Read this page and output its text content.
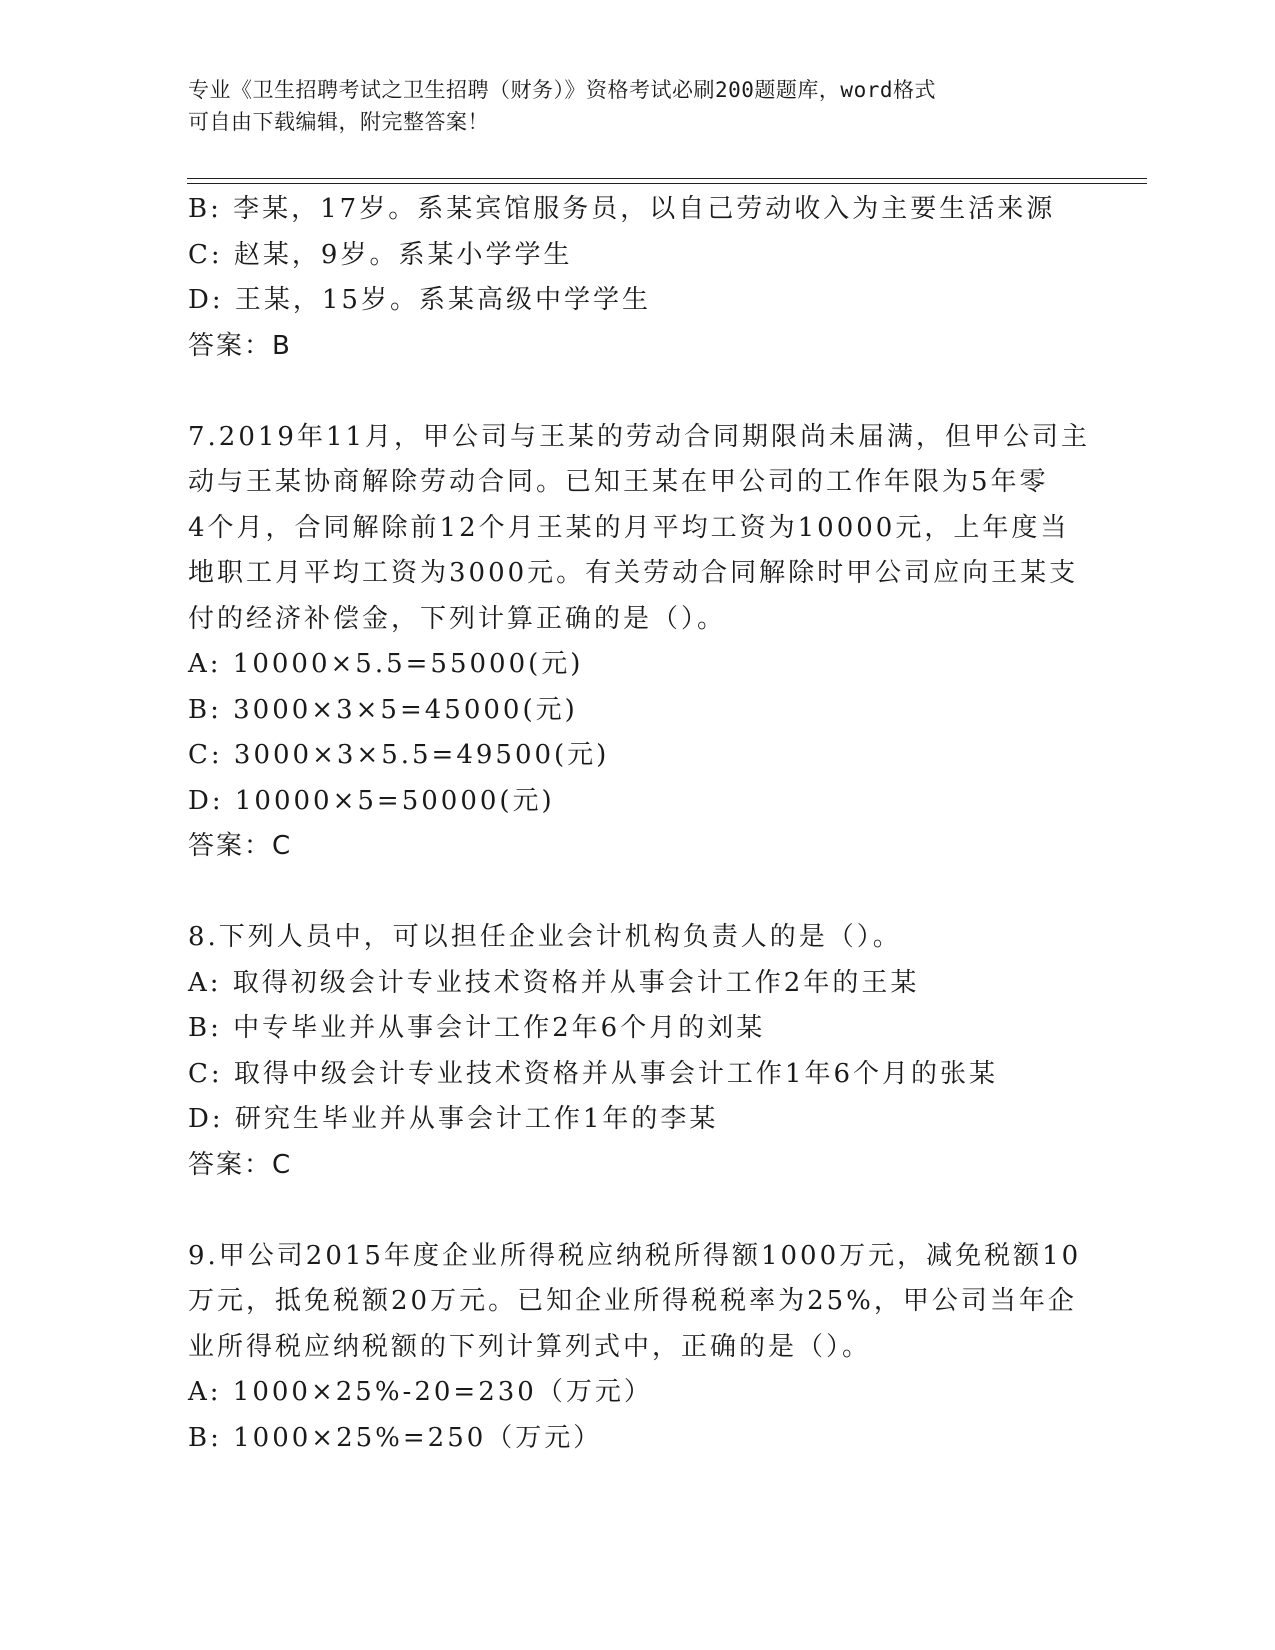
专业《卫生招聘考试之卫生招聘（财务）》资格考试必刷200题题库，word格式
可自由下载编辑，附完整答案！
B: 李某，17岁。系某宾馆服务员，以自己劳动收入为主要生活来源
C: 赵某，9岁。系某小学学生
D: 王某，15岁。系某高级中学学生
答案：B
7.2019年11月，甲公司与王某的劳动合同期限尚未届满，但甲公司主
动与王某协商解除劳动合同。已知王某在甲公司的工作年限为5年零
4个月，合同解除前12个月王某的月平均工资为10000元，上年度当
地职工月平均工资为3000元。有关劳动合同解除时甲公司应向王某支
付的经济补偿金，下列计算正确的是（）。
A: 10000×5.5=55000(元)
B: 3000×3×5=45000(元)
C: 3000×3×5.5=49500(元)
D: 10000×5=50000(元)
答案：C
8.下列人员中，可以担任企业会计机构负责人的是（）。
A: 取得初级会计专业技术资格并从事会计工作2年的王某
B: 中专毕业并从事会计工作2年6个月的刘某
C: 取得中级会计专业技术资格并从事会计工作1年6个月的张某
D: 研究生毕业并从事会计工作1年的李某
答案：C
9.甲公司2015年度企业所得税应纳税所得额1000万元，减免税额10
万元，抵免税额20万元。已知企业所得税税率为25%，甲公司当年企
业所得税应纳税额的下列计算列式中，正确的是（）。
A: 1000×25%-20=230（万元）
B: 1000×25%=250（万元）
